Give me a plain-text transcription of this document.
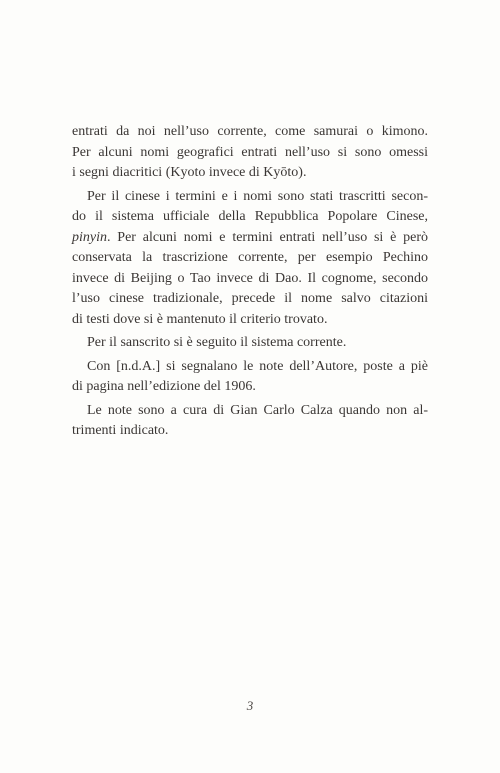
entrati da noi nell’uso corrente, come samurai o kimono.
Per alcuni nomi geografici entrati nell’uso si sono omessi
i segni diacritici (Kyoto invece di Kyōto).
Per il cinese i termini e i nomi sono stati trascritti secon-
do il sistema ufficiale della Repubblica Popolare Cinese,
pinyin. Per alcuni nomi e termini entrati nell’uso si è però
conservata la trascrizione corrente, per esempio Pechino
invece di Beijing o Tao invece di Dao. Il cognome, secondo
l’uso cinese tradizionale, precede il nome salvo citazioni
di testi dove si è mantenuto il criterio trovato.
Per il sanscrito si è seguito il sistema corrente.
Con [n.d.A.] si segnalano le note dell’Autore, poste a piè
di pagina nell’edizione del 1906.
Le note sono a cura di Gian Carlo Calza quando non al-
trimenti indicato.
3
